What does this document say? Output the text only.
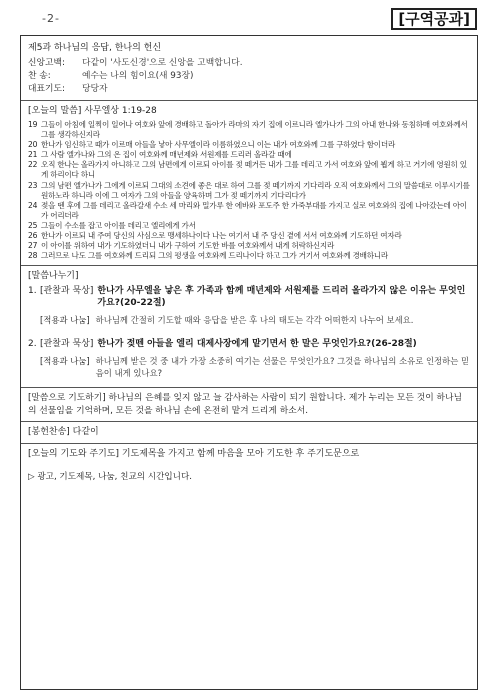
-2-	[구역공과]
제5과 하나님의 응답, 한나의 헌신
신앙고백: 다같이 '사도신경'으로 신앙을 고백합니다.
찬 송:	예수는 나의 힘이요(새 93장)
대표기도: 당당자
[오늘의 말씀] 사무엘상 1:19-28
19 그들이 아침에 일찍이 일어나 여호와 앞에 경배하고 돌아가 라마의 자기 집에 이르니라 엘가나가 그의 아내 한나와 동침하매 여호와께서 그를 생각하신지라
20 한나가 임신하고 때가 이르매 아들을 낳아 사무엘이라 이름하였으니 이는 내가 여호와께 그를 구하였다 함이더라
21 그 사람 엘가나와 그의 온 집이 여호와께 매년제와 서원제를 드리러 올라갈 때에
22 오직 한나는 올라가지 아니하고 그의 남편에게 이르되 아이를 젖 떼거든 내가 그를 데리고 가서 여호와 앞에 뵙게 하고 거기에 영원히 있게 하리이다 하니
23 그의 남편 엘가나가 그에게 이르되 그대의 소견에 좋은 대로 하여 그를 젖 떼기까지 기다리라 오직 여호와께서 그의 말씀대로 이루시기를 원하노라 하니라 이에 그 여자가 그의 아들을 양육하며 그가 젖 떼기까지 기다리다가
24 젖을 뗀 후에 그를 데리고 올라갈새 수소 세 마리와 밀가루 한 에바와 포도주 한 가죽부대를 가지고 실로 여호와의 집에 나아갔는데 아이가 어리더라
25 그들이 수소를 잡고 아이를 데리고 엘리에게 가서
26 한나가 이르되 내 주여 당신의 사심으로 맹세하나이다 나는 여기서 내 주 당신 곁에 서서 여호와께 기도하던 여자라
27 이 아이를 위하여 내가 기도하였더니 내가 구하여 기도한 바를 여호와께서 내게 허락하신지라
28 그러므로 나도 그를 여호와께 드리되 그의 평생을 여호와께 드리나이다 하고 그가 거기서 여호와께 경배하니라
[말씀나누기]
1. [관찰과 묵상] 한나가 사무엘을 낳은 후 가족과 함께 매년제와 서원제를 드리러 올라가지 않은 이유는 무엇인가요?(20-22절)
[적용과 나눔] 하나님께 간절히 기도할 때와 응답을 받은 후 나의 태도는 각각 어떠한지 나누어 보세요.
2. [관찰과 묵상] 한나가 젖뗀 아들을 엘리 대제사장에게 맡기면서 한 말은 무엇인가요?(26-28절)
[적용과 나눔] 하나님께 받은 것 중 내가 가장 소중히 여기는 선물은 무엇인가요? 그것을 하나님의 소유로 인정하는 믿음이 내게 있나요?
[말씀으로 기도하기] 하나님의 은혜를 잊지 않고 늘 감사하는 사람이 되기 원합니다. 제가 누리는 모든 것이 하나님의 선물임을 기억하며, 모든 것을 하나님 손에 온전히 맡겨 드리게 하소서.
[봉헌찬송] 다같이
[오늘의 기도와 주기도] 기도제목을 가지고 함께 마음을 모아 기도한 후 주기도문으로
▷ 광고, 기도제목, 나눔, 친교의 시간입니다.
